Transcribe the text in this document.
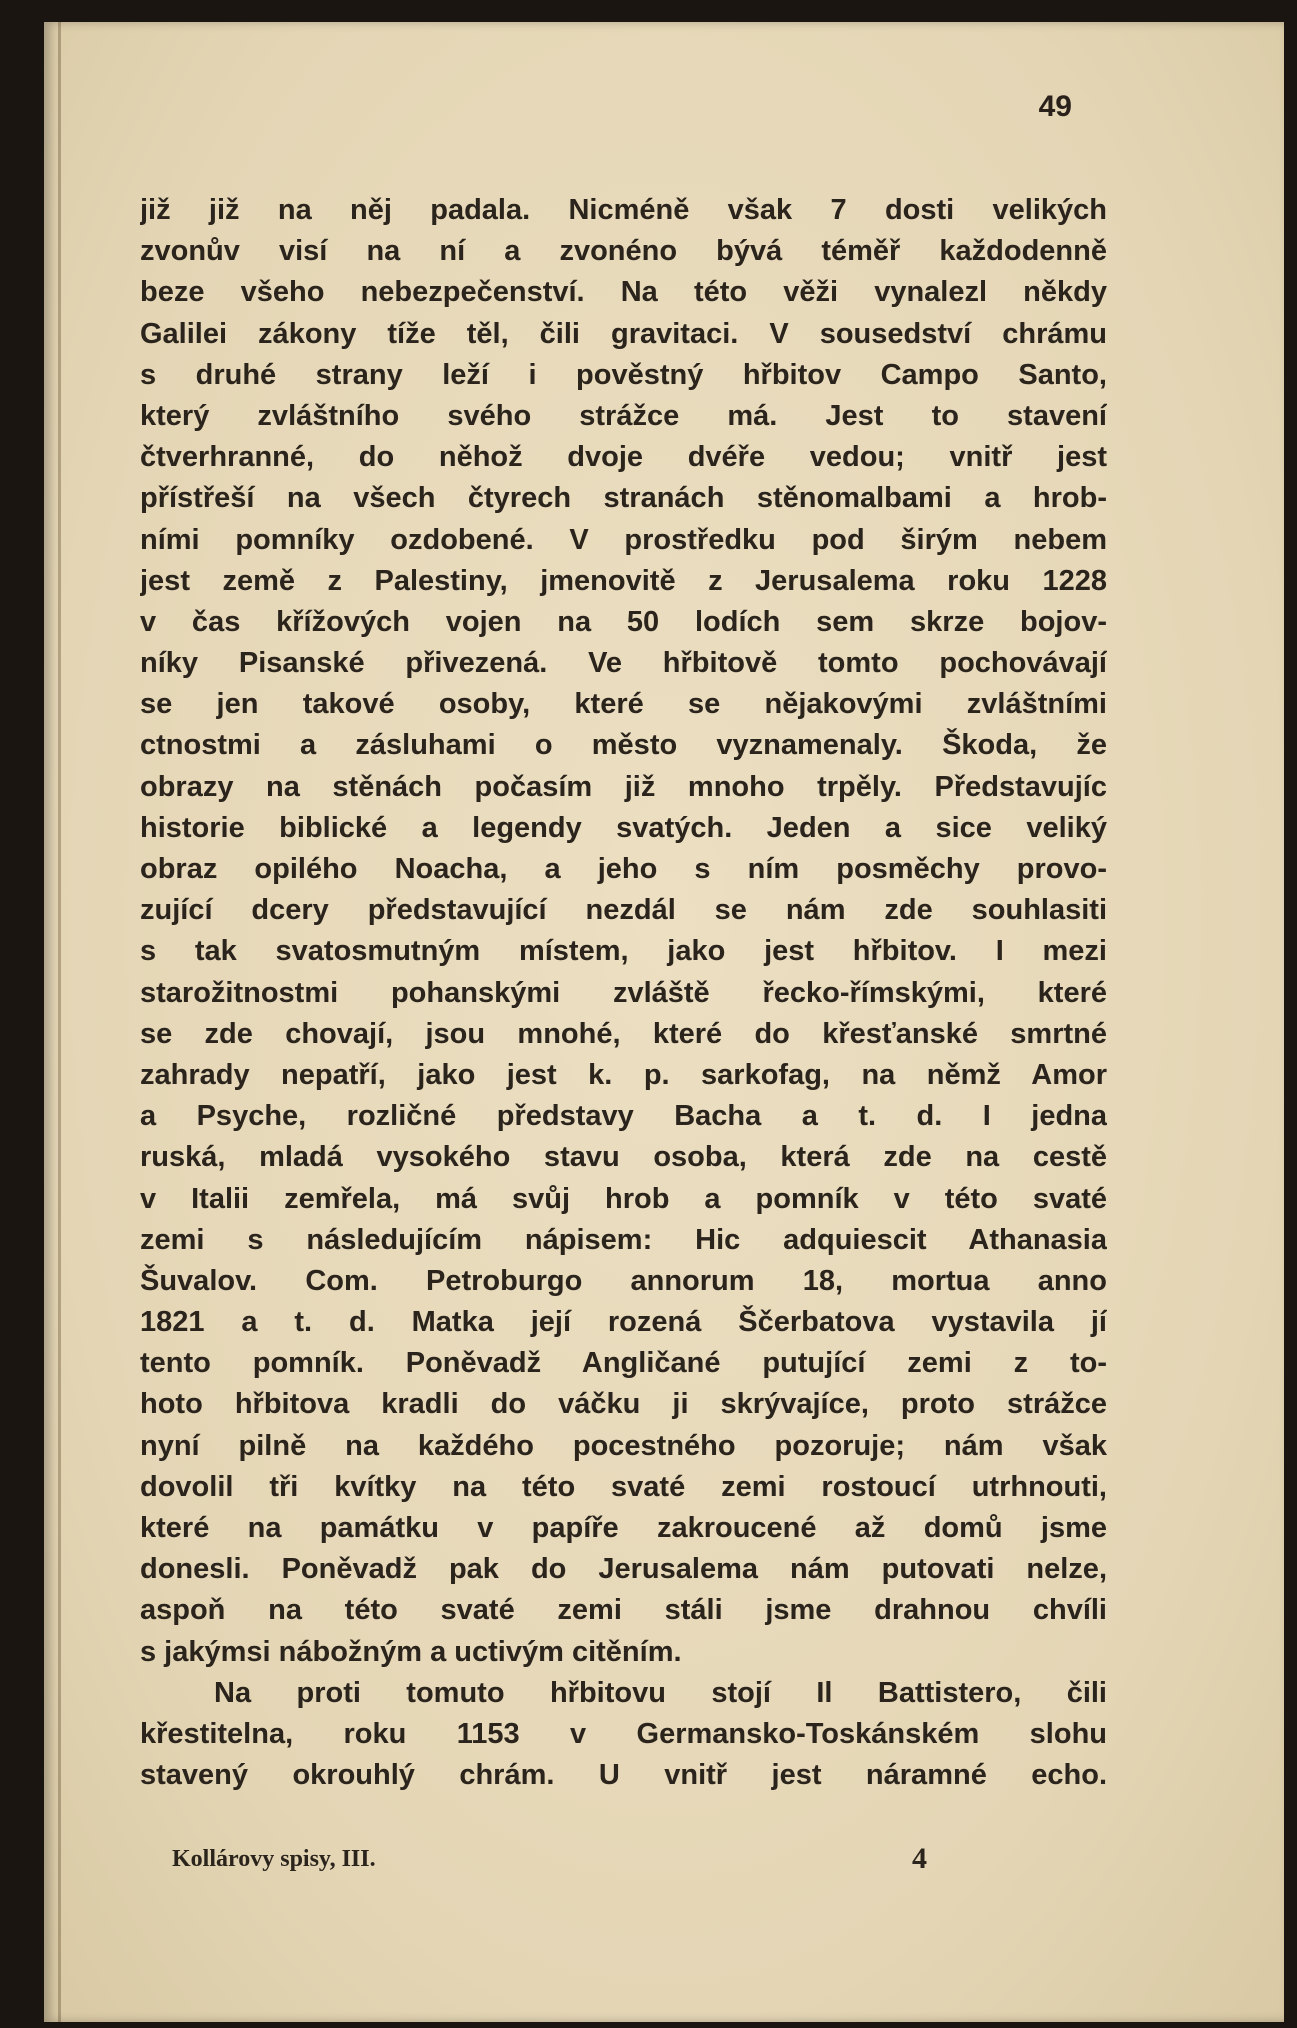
49
již již na něj padala. Nicméně však 7 dosti velikých
zvonův visí na ní a zvonéno bývá téměř každodenně
beze všeho nebezpečenství. Na této věži vynalezl někdy
Galilei zákony tíže těl, čili gravitaci. V sousedství chrámu
s druhé strany leží i pověstný hřbitov Campo Santo,
který zvláštního svého strážce má. Jest to stavení
čtverhranné, do něhož dvoje dvéře vedou; vnitř jest
přístřeší na všech čtyrech stranách stěnomalbami a hrob-
ními pomníky ozdobené. V prostředku pod širým nebem
jest země z Palestiny, jmenovitě z Jerusalema roku 1228
v čas křížových vojen na 50 lodích sem skrze bojov-
níky Pisanské přivezená. Ve hřbitově tomto pochovávají
se jen takové osoby, které se nějakovými zvláštními
ctnostmi a zásluhami o město vyznamenaly. Škoda, že
obrazy na stěnách počasím již mnoho trpěly. Představujíc
historie biblické a legendy svatých. Jeden a sice veliký
obraz opilého Noacha, a jeho s ním posměchy provo-
zující dcery představující nezdál se nám zde souhlasiti
s tak svatosmutným místem, jako jest hřbitov. I mezi
starožitnostmi pohanskými zvláště řecko-římskými, které
se zde chovají, jsou mnohé, které do křesťanské smrtné
zahrady nepatří, jako jest k. p. sarkofag, na němž Amor
a Psyche, rozličné představy Bacha a t. d. I jedna
ruská, mladá vysokého stavu osoba, která zde na cestě
v Italii zemřela, má svůj hrob a pomník v této svaté
zemi s následujícím nápisem: Hic adquiescit Athanasia
Šuvalov. Com. Petroburgo annorum 18, mortua anno
1821 a t. d. Matka její rozená Ščerbatova vystavila jí
tento pomník. Poněvadž Angličané putující zemi z to-
hoto hřbitova kradli do váčku ji skrývajíce, proto strážce
nyní pilně na každého pocestného pozoruje; nám však
dovolil tři kvítky na této svaté zemi rostoucí utrhnouti,
které na památku v papíře zakroucené až domů jsme
donesli. Poněvadž pak do Jerusalema nám putovati nelze,
aspoň na této svaté zemi stáli jsme drahnou chvíli
s jakýmsi nábožným a uctivým citěním.
Na proti tomuto hřbitovu stojí Il Battistero, čili
křestitelna, roku 1153 v Germansko-Toskánském slohu
stavený okrouhlý chrám. U vnitř jest náramné echo.
Kollárovy spisy, III.	4
